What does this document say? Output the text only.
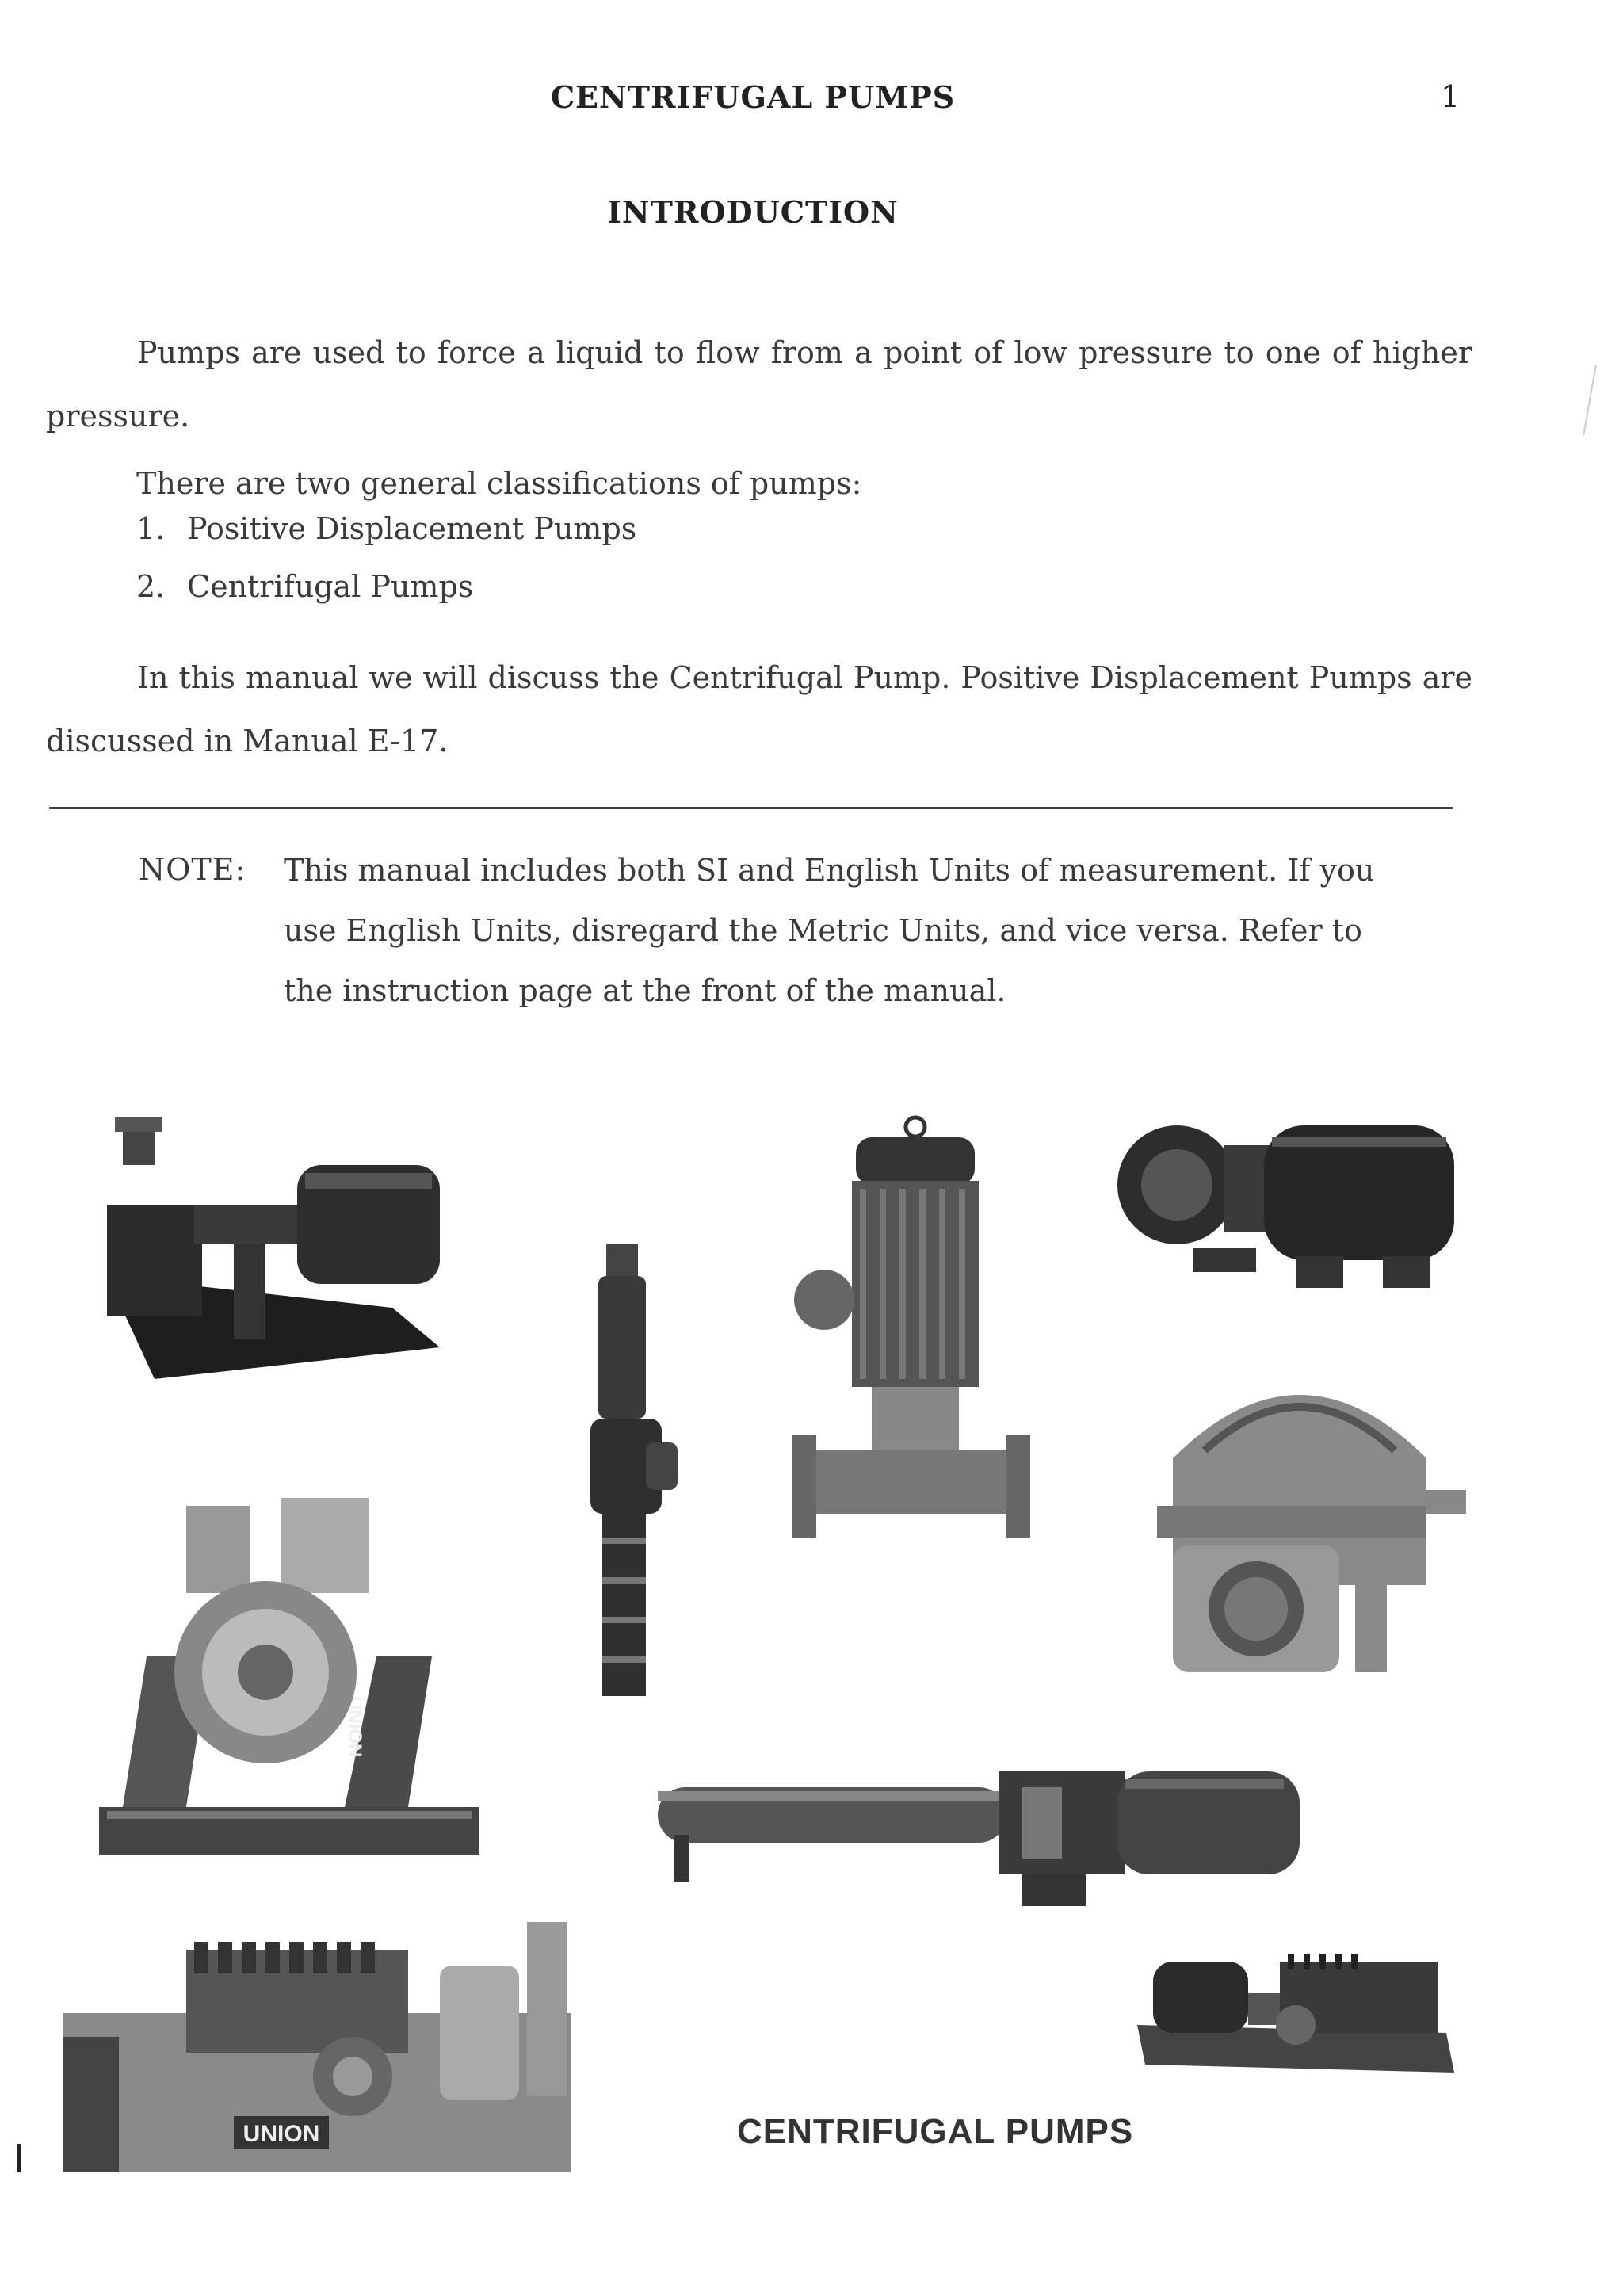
CENTRIFUGAL PUMPS	1
INTRODUCTION
Pumps are used to force a liquid to flow from a point of low pressure to one of higher pressure.
There are two general classifications of pumps:
1. Positive Displacement Pumps
2. Centrifugal Pumps
In this manual we will discuss the Centrifugal Pump. Positive Displacement Pumps are discussed in Manual E-17.
NOTE: This manual includes both SI and English Units of measurement. If you use English Units, disregard the Metric Units, and vice versa. Refer to the instruction page at the front of the manual.
UNION
UNION	CENTRIFUGAL PUMPS
